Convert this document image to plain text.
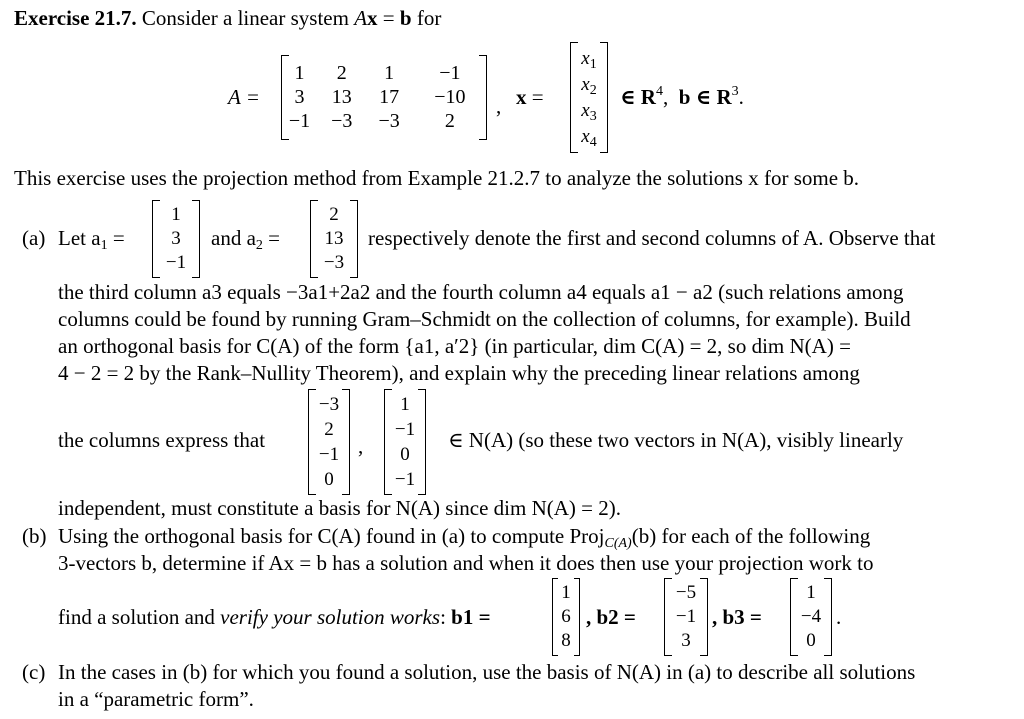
Exercise 21.7. Consider a linear system Ax = b for
A =
1	2	1	−1
3	13	17	−10
−1	−3	−3	2
, x =
$x_1$
$x_2$
$x_3$
$x_4$
∈ $R^4$, b ∈ $R^3$.
This exercise uses the projection method from Example 21.2.7 to analyze the solutions x for some b.
(a) Let $a_1$ =
1
3
−1
and $a_2$ =
2
13
−3
respectively denote the first and second columns of A. Observe that
the third column a3 equals −3a1+2a2 and the fourth column a4 equals a1 − a2 (such relations among
columns could be found by running Gram–Schmidt on the collection of columns, for example). Build
an orthogonal basis for C(A) of the form {a1, a′2} (in particular, dim C(A) = 2, so dim N(A) =
4 − 2 = 2 by the Rank–Nullity Theorem), and explain why the preceding linear relations among
the columns express that
−3
2
−1
0
,
1
−1
0
−1
∈ N(A) (so these two vectors in N(A), visibly linearly
independent, must constitute a basis for N(A) since dim N(A) = 2).
(b) Using the orthogonal basis for C(A) found in (a) to compute Proj$_{C(A)}$(b) for each of the following
3-vectors b, determine if Ax = b has a solution and when it does then use your projection work to
find a solution and verify your solution works: b1 =
1
6
8
, b2 =
−5
−1
3
, b3 =
1
−4
0
.
(c) In the cases in (b) for which you found a solution, use the basis of N(A) in (a) to describe all solutions
in a “parametric form”.
